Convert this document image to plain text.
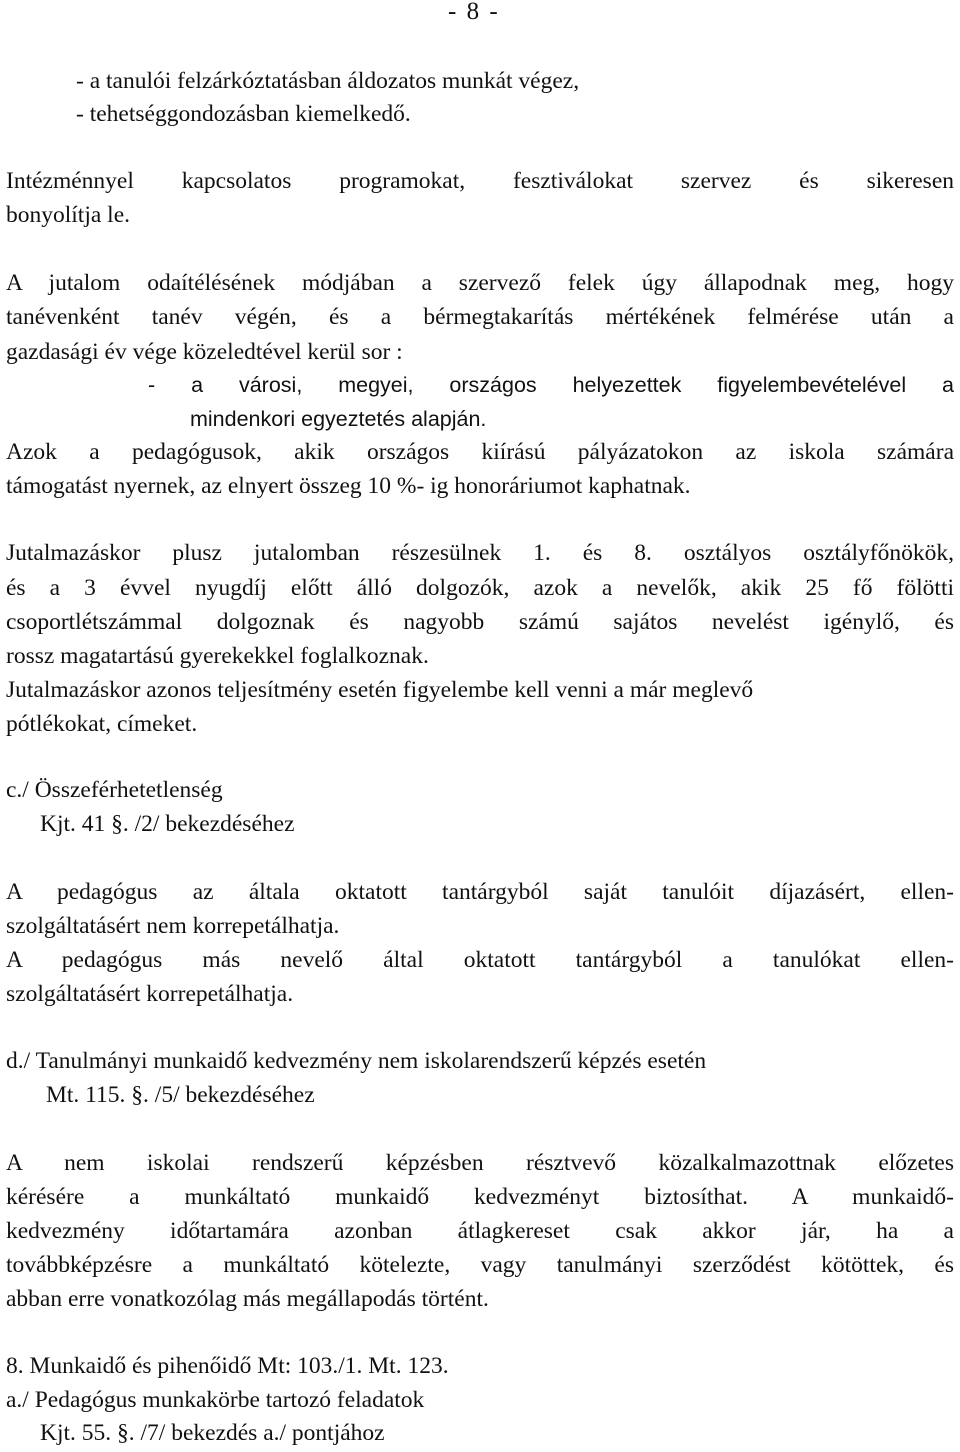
- 8 -
- a tanulói felzárkóztatásban áldozatos munkát végez,
- tehetséggondozásban kiemelkedő.
Intézménnyel kapcsolatos programokat, fesztiválokat szervez és sikeresen
bonyolítja le.
A jutalom odaítélésének módjában a szervező felek úgy állapodnak meg, hogy
tanévenként tanév végén, és a bérmegtakarítás mértékének felmérése után a
gazdasági év vége közeledtével kerül sor :
- a városi, megyei, országos helyezettek figyelembevételével a
mindenkori egyeztetés alapján.
Azok a pedagógusok, akik országos kiírású pályázatokon az iskola számára
támogatást nyernek, az elnyert összeg 10 %- ig honoráriumot kaphatnak.
Jutalmazáskor plusz jutalomban részesülnek 1. és 8. osztályos osztályfőnökök,
és a 3 évvel nyugdíj előtt álló dolgozók, azok a nevelők, akik 25 fő fölötti
csoportlétszámmal dolgoznak és nagyobb számú sajátos nevelést igénylő, és
rossz magatartású gyerekekkel foglalkoznak.
Jutalmazáskor azonos teljesítmény esetén figyelembe kell venni a már meglevő
pótlékokat, címeket.
c./ Összeférhetetlenség
Kjt. 41 §. /2/ bekezdéséhez
A pedagógus az általa oktatott tantárgyból saját tanulóit díjazásért, ellen-
szolgáltatásért nem korrepetálhatja.
A pedagógus más nevelő által oktatott tantárgyból a tanulókat ellen-
szolgáltatásért korrepetálhatja.
d./ Tanulmányi munkaidő kedvezmény nem iskolarendszerű képzés esetén
Mt. 115. §. /5/ bekezdéséhez
A nem iskolai rendszerű képzésben résztvevő közalkalmazottnak előzetes
kérésére a munkáltató munkaidő kedvezményt biztosíthat. A munkaidő-
kedvezmény időtartamára azonban átlagkereset csak akkor jár, ha a
továbbképzésre a munkáltató kötelezte, vagy tanulmányi szerződést kötöttek, és
abban erre vonatkozólag más megállapodás történt.
8. Munkaidő és pihenőidő Mt: 103./1. Mt. 123.
a./ Pedagógus munkakörbe tartozó feladatok
Kjt. 55. §. /7/ bekezdés a./ pontjához
